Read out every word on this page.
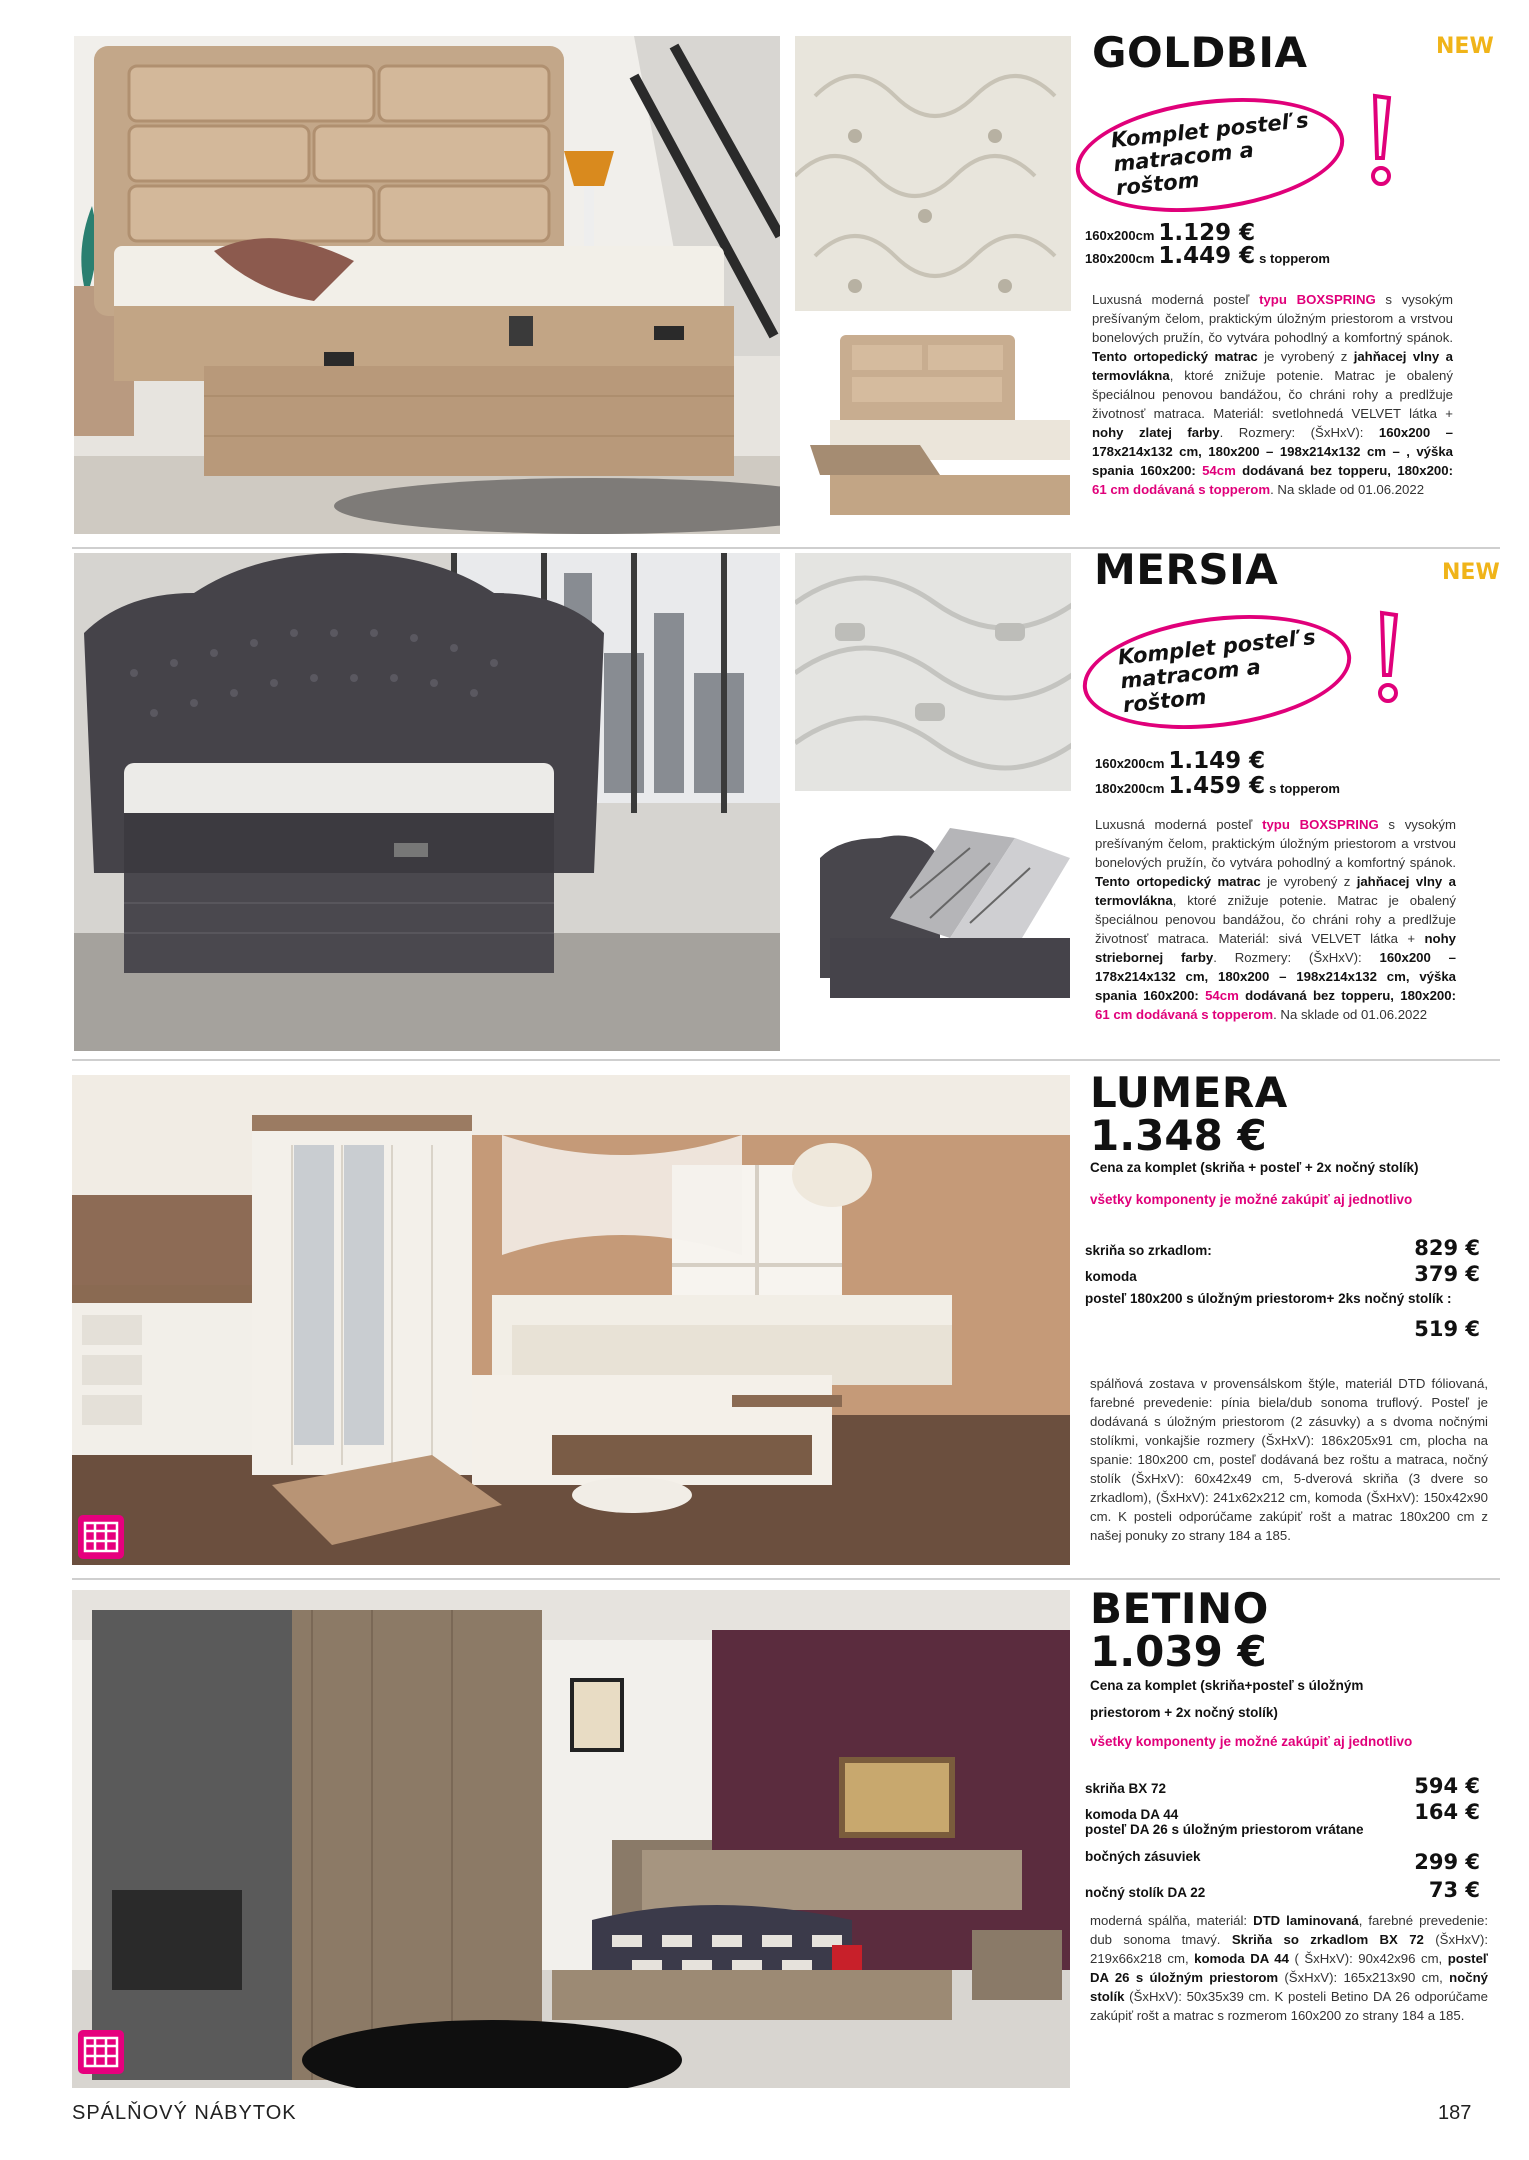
GOLDBIA	NEW
Komplet posteľ s matracom a roštom
160x200cm 1.129 €
180x200cm 1.449 € s topperom
Luxusná moderná posteľ typu BOXSPRING s vysokým prešívaným čelom, praktickým úložným priestorom a vrstvou bonelových pružín, čo vytvára pohodlný a komfortný spánok. Tento ortopedický matrac je vyrobený z jahňacej vlny a termovlákna, ktoré znižuje potenie. Matrac je obalený špeciálnou penovou bandážou, čo chráni rohy a predlžuje životnosť matraca. Materiál: svetlohnedá VELVET látka + nohy zlatej farby. Rozmery: (ŠxHxV): 160x200 – 178x214x132 cm, 180x200 – 198x214x132 cm – , výška spania 160x200: 54cm dodávaná bez topperu, 180x200: 61 cm dodávaná s topperom. Na sklade od 01.06.2022
MERSIA	NEW
Komplet posteľ s matracom a roštom
160x200cm 1.149 €
180x200cm 1.459 € s topperom
Luxusná moderná posteľ typu BOXSPRING s vysokým prešívaným čelom, praktickým úložným priestorom a vrstvou bonelových pružín, čo vytvára pohodlný a komfortný spánok. Tento ortopedický matrac je vyrobený z jahňacej vlny a termovlákna, ktoré znižuje potenie. Matrac je obalený špeciálnou penovou bandážou, čo chráni rohy a predlžuje životnosť matraca. Materiál: sivá VELVET látka + nohy striebornej farby. Rozmery: (ŠxHxV): 160x200 – 178x214x132 cm, 180x200 – 198x214x132 cm, výška spania 160x200: 54cm dodávaná bez topperu, 180x200: 61 cm dodávaná s topperom. Na sklade od 01.06.2022
LUMERA
1.348 €
Cena za komplet (skriňa + posteľ + 2x nočný stolík)
všetky komponenty je možné zakúpiť aj jednotlivo
skriňa so zrkadlom:	829 €
komoda	379 €
posteľ 180x200 s úložným priestorom+ 2ks nočný stolík :
519 €
spálňová zostava v provensálskom štýle, materiál DTD fóliovaná, farebné prevedenie: pínia biela/dub sonoma truflový. Posteľ je dodávaná s úložným priestorom (2 zásuvky) a s dvoma nočnými stolíkmi, vonkajšie rozmery (ŠxHxV): 186x205x91 cm, plocha na spanie: 180x200 cm, posteľ dodávaná bez roštu a matraca, nočný stolík (ŠxHxV): 60x42x49 cm, 5-dverová skriňa (3 dvere so zrkadlom), (ŠxHxV): 241x62x212 cm, komoda (ŠxHxV): 150x42x90 cm. K posteli odporúčame zakúpiť rošt a matrac 180x200 cm z našej ponuky zo strany 184 a 185.
BETINO
1.039 €
Cena za komplet (skriňa+posteľ s úložným priestorom + 2x nočný stolík)
všetky komponenty je možné zakúpiť aj jednotlivo
skriňa BX 72	594 €
komoda DA 44	164 €
posteľ DA 26 s úložným priestorom vrátane bočných zásuviek	299 €
nočný stolík DA 22	73 €
moderná spálňa, materiál: DTD laminovaná, farebné prevedenie: dub sonoma tmavý. Skriňa so zrkadlom BX 72 (ŠxHxV): 219x66x218 cm, komoda DA 44 ( ŠxHxV): 90x42x96 cm, posteľ DA 26 s úložným priestorom (ŠxHxV): 165x213x90 cm, nočný stolík (ŠxHxV): 50x35x39 cm. K posteli Betino DA 26 odporúčame zakúpiť rošt a matrac s rozmerom 160x200 zo strany 184 a 185.
SPÁLŇOVÝ NÁBYTOK	187
